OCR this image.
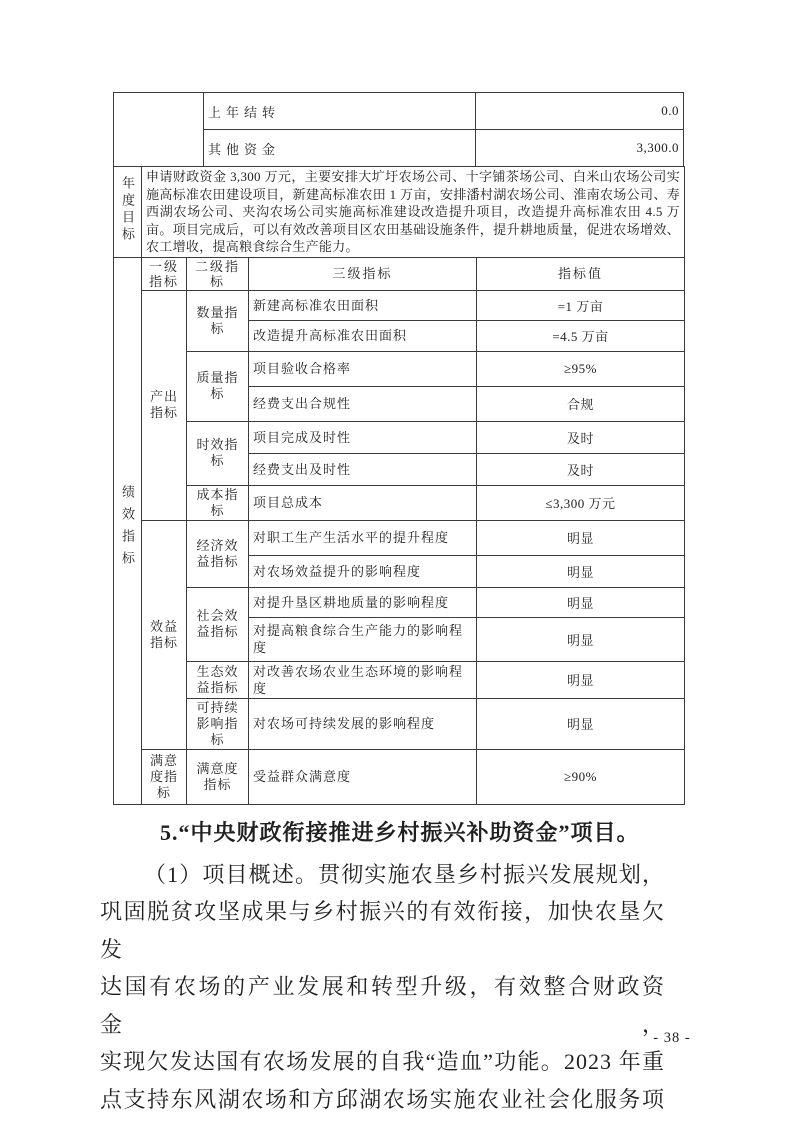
	上年结转	0.0
	其他资金	3,300.0
年度目标	申请财政资金 3,300 万元，主要安排大圹圩农场公司、十字铺茶场公司、白米山农场公司实施高标准农田建设项目，新建高标准农田 1 万亩，安排潘村湖农场公司、淮南农场公司、寿西湖农场公司、夹沟农场公司实施高标准建设改造提升项目，改造提升高标准农田 4.5 万亩。项目完成后，可以有效改善项目区农田基础设施条件，提升耕地质量，促进农场增效、农工增收，提高粮食综合生产能力。
绩效指标	一级指标	二级指标	三级指标	指标值
	产出指标	数量指标	新建高标准农田面积	=1 万亩
			改造提升高标准农田面积	=4.5 万亩
		质量指标	项目验收合格率	≥95%
			经费支出合规性	合规
		时效指标	项目完成及时性	及时
			经费支出及时性	及时
		成本指标	项目总成本	≤3,300 万元
	效益指标	经济效益指标	对职工生产生活水平的提升程度	明显
			对农场效益提升的影响程度	明显
		社会效益指标	对提升垦区耕地质量的影响程度	明显
			对提高粮食综合生产能力的影响程度	明显
		生态效益指标	对改善农场农业生态环境的影响程度	明显
		可持续影响指标	对农场可持续发展的影响程度	明显
	满意度指标	满意度指标	受益群众满意度	≥90%
5.“中央财政衔接推进乡村振兴补助资金”项目。
（1）项目概述。贯彻实施农垦乡村振兴发展规划，
巩固脱贫攻坚成果与乡村振兴的有效衔接，加快农垦欠发
达国有农场的产业发展和转型升级，有效整合财政资金，
实现欠发达国有农场发展的自我“造血”功能。2023 年重
点支持东风湖农场和方邱湖农场实施农业社会化服务项
- 38 -
